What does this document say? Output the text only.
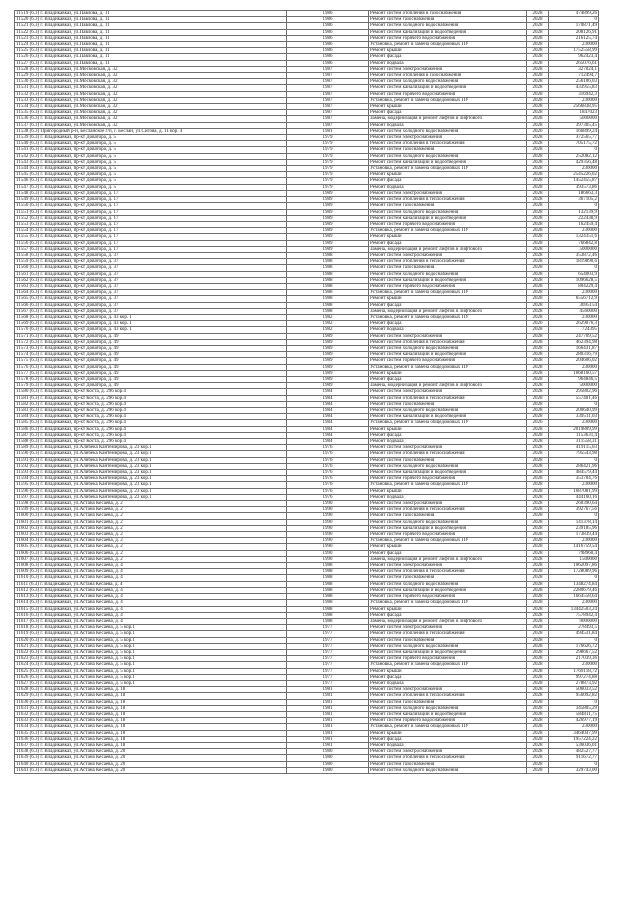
11519 (6.3) г. Владикавказ, ул.Павлова, д. 11	1986	Ремонт систем отопления в газоснабжения	2028	474899,26
11520 (6.3) г. Владикавказ, ул.Павлова, д. 11	1986	Ремонт систем газоснабжения	2028	0
11521 (6.3) г. Владикавказ, ул.Павлова, д. 11	1986	Ремонт систем холодного водоснабжения	2028	170871,49
11522 (6.3) г. Владикавказ, ул.Павлова, д. 11	1986	Ремонт систем канализации и водоотведения	2028	208126,91
11523 (6.3) г. Владикавказ, ул.Павлова, д. 11	1986	Ремонт систем горячего водоснабжения	2028	216125,74
11524 (6.3) г. Владикавказ, ул.Павлова, д. 11	1986	Установка, ремонт и замена общедомовых ПУ	2028	230000
11525 (6.3) г. Владикавказ, ул.Павлова, д. 11	1986	Ремонт крыши	2028	1752558,99
11526 (6.3) г. Владикавказ, ул.Павлова, д. 11	1986	Ремонт фасада	2028	962423,4
11527 (6.3) г. Владикавказ, ул.Павлова, д. 11	1986	Ремонт подвала	2028	265076,61
11528 (6.3) г. Владикавказ, ул.Московская, д. 32	1987	Ремонт систем электроснабжения	2028	327024,1
11529 (6.3) г. Владикавказ, ул.Московская, д. 32	1987	Ремонт систем отопления в газоснабжения	2028	712494,7
11530 (6.3) г. Владикавказ, ул.Московская, д. 32	1987	Ремонт систем холодного водоснабжения	2028	256106,03
11531 (6.3) г. Владикавказ, ул.Московская, д. 32	1987	Ремонт систем канализации и водоотведения	2028	433955,83
11532 (6.3) г. Владикавказ, ул.Московская, д. 32	1987	Ремонт систем горячего водоснабжения	2028	316942,3
11533 (6.3) г. Владикавказ, ул.Московская, д. 32	1987	Установка, ремонт и замена общедомовых ПУ	2028	230000
11534 (6.3) г. Владикавказ, ул.Московская, д. 32	1987	Ремонт крыши	2028	2566838,95
11535 (6.3) г. Владикавказ, ул.Московская, д. 32	1987	Ремонт фасада	2028	1847023
11536 (6.3) г. Владикавказ, ул.Московская, д. 32	1987	Замена, модернизация и ремонт лифтов и лифтового	2028	5000000
11537 (6.3) г. Владикавказ, ул.Московская, д. 32	1987	Ремонт подвала	2028	397305,45
11538 (6.3) Пригородный р-н, Бесланское г/п, г. Беслан, ул.Сигова, д. 11 кор. 4	1981	Ремонт систем холодного водоснабжения	2026	166899,24
11539 (6.3) г. Владикавказ, пр-кт Доватора, д. 5	1979	Ремонт систем электроснабжения	2028	372565,77
11540 (6.3) г. Владикавказ, пр-кт Доватора, д. 5	1979	Ремонт систем отопления в теплоснабжения	2028	705175,72
11541 (6.3) г. Владикавказ, пр-кт Доватора, д. 5	1979	Ремонт систем газоснабжения	2028	0
11542 (6.3) г. Владикавказ, пр-кт Доватора, д. 5	1979	Ремонт систем холодного водоснабжения	2028	252082,12
11543 (6.3) г. Владикавказ, пр-кт Доватора, д. 5	1979	Ремонт систем канализации и водоотведения	2028	429356,48
11544 (6.3) г. Владикавказ, пр-кт Доватора, д. 5	1979	Установка, ремонт и замена общедомовых ПУ	2028	230000
11545 (6.3) г. Владикавказ, пр-кт Доватора, д. 5	1979	Ремонт крыши	2028	2545226,02
11546 (6.3) г. Владикавказ, пр-кт Доватора, д. 5	1979	Ремонт фасада	2028	1452455,87
11547 (6.3) г. Владикавказ, пр-кт Доватора, д. 5	1979	Ремонт подвала	2028	393573,86
11548 (6.3) г. Владикавказ, пр-кт Доватора, д. 17	1989	Ремонт систем электроснабжения	2028	186663,3
11549 (6.3) г. Владикавказ, пр-кт Доватора, д. 17	1989	Ремонт систем отопления в теплоснабжения	2028	367105,2
11550 (6.3) г. Владикавказ, пр-кт Доватора, д. 17	1989	Ремонт систем газоснабжения	2028	0
11551 (6.3) г. Владикавказ, пр-кт Доватора, д. 17	1989	Ремонт систем холодного водоснабжения	2028	132139,9
11552 (6.3) г. Владикавказ, пр-кт Доватора, д. 17	1989	Ремонт систем канализации и водоотведения	2028	222438,9
11553 (6.3) г. Владикавказ, пр-кт Доватора, д. 17	1989	Ремонт систем горячего водоснабжения	2028	162459,4
11554 (6.3) г. Владикавказ, пр-кт Доватора, д. 17	1989	Установка, ремонт и замена общедомовых ПУ	2028	230000
11555 (6.3) г. Владикавказ, пр-кт Доватора, д. 17	1989	Ремонт крыши	2028	1324351,6
11556 (6.3) г. Владикавказ, пр-кт Доватора, д. 17	1989	Ремонт фасада	2028	766842,8
11557 (6.3) г. Владикавказ, пр-кт Доватора, д. 17	1989	Замена, модернизация и ремонт лифтов и лифтового	2028	5000000
11558 (6.3) г. Владикавказ, пр-кт Доватора, д. 37	1988	Ремонт систем электроснабжения	2028	353872,46
11559 (6.3) г. Владикавказ, пр-кт Доватора, д. 37	1988	Ремонт систем отопления в теплоснабжения	2028	1819890,6
11560 (6.3) г. Владикавказ, пр-кт Доватора, д. 37	1988	Ремонт систем газоснабжения	2028	0
11561 (6.3) г. Владикавказ, пр-кт Доватора, д. 37	1988	Ремонт систем холодного водоснабжения	2028	654003,9
11562 (6.3) г. Владикавказ, пр-кт Доватора, д. 37	1988	Ремонт систем канализации и водоотведения	2028	1096628,5
11563 (6.3) г. Владикавказ, пр-кт Доватора, д. 37	1988	Ремонт систем горячего водоснабжения	2028	804229,4
11564 (6.3) г. Владикавказ, пр-кт Доватора, д. 37	1988	Установка, ремонт и замена общедомовых ПУ	2028	230000
11565 (6.3) г. Владикавказ, пр-кт Доватора, д. 37	1988	Ремонт крыши	2028	6556712,9
11566 (6.3) г. Владикавказ, пр-кт Доватора, д. 37	1988	Ремонт фасада	2028	3695154
11567 (6.3) г. Владикавказ, пр-кт Доватора, д. 37	1988	Замена, модернизация и ремонт лифтов и лифтового	2028	4560000
11568 (6.3) г. Владикавказ, пр-кт Доватора, д. 43 кор. 1	1982	Установка, ремонт и замена общедомовых ПУ	2028	230000
11569 (6.3) г. Владикавказ, пр-кт Доватора, д. 43 кор. 1	1982	Ремонт фасада	2026	2629076,3
11570 (6.3) г. Владикавказ, пр-кт Доватора, д. 43 кор. 1	1982	Ремонт подвала	2028	724395
11571 (6.3) г. Владикавказ, пр-кт Доватора, д. 49	1989	Ремонт систем электроснабжения	2028	247709,52
11572 (6.3) г. Владикавказ, пр-кт Доватора, д. 49	1989	Ремонт систем отопления в теплоснабжения	2028	462394,98
11573 (6.3) г. Владикавказ, пр-кт Доватора, д. 49	1989	Ремонт систем холодного водоснабжения	2028	166431,87
11574 (6.3) г. Владикавказ, пр-кт Доватора, д. 49	1989	Ремонт систем канализации и водоотведения	2028	280316,79
11575 (6.3) г. Владикавказ, пр-кт Доватора, д. 49	1989	Ремонт систем горячего водоснабжения	2028	204606,02
11576 (6.3) г. Владикавказ, пр-кт Доватора, д. 49	1989	Установка, ремонт и замена общедомовых ПУ	2028	230000
11577 (6.3) г. Владикавказ, пр-кт Доватора, д. 49	1989	Ремонт крыши	2028	1668160,57
11578 (6.3) г. Владикавказ, пр-кт Доватора, д. 49	1989	Ремонт фасада	2028	964846,5
11579 (6.3) г. Владикавказ, пр-кт Доватора, д. 49	1989	Замена, модернизация и ремонт лифтов и лифтового	2028	5000000
11580 (6.3) г. Владикавказ, пр-кт Коста, д. 296 кор.4	1984	Ремонт систем электроснабжения	2028	295802,96
11581 (6.3) г. Владикавказ, пр-кт Коста, д. 296 кор.4	1984	Ремонт систем отопления в теплоснабжения	2028	557401,46
11582 (6.3) г. Владикавказ, пр-кт Коста, д. 296 кор.4	1984	Ремонт систем газоснабжения	2028	0
11583 (6.3) г. Владикавказ, пр-кт Коста, д. 296 кор.4	1984	Ремонт систем холодного водоснабжения	2028	200640,99
11584 (6.3) г. Владикавказ, пр-кт Коста, д. 296 кор.4	1984	Ремонт систем канализации и водоотведения	2028	339511,03
11585 (6.3) г. Владикавказ, пр-кт Коста, д. 296 кор.4	1984	Установка, ремонт и замена общедомовых ПУ	2026	230000
11586 (6.3) г. Владикавказ, пр-кт Коста, д. 296 кор.4	1984	Ремонт крыши	2028	2019809,99
11587 (6.3) г. Владикавказ, пр-кт Коста, д. 296 кор.4	1984	Ремонт фасада	2028	1153631,4
11588 (6.3) г. Владикавказ, пр-кт Коста, д. 296 кор.4	1984	Ремонт подвала	2028	311558,31
11589 (6.3) г. Владикавказ, ул.Алибека Кантемирова, д. 23 кор.1	1976	Ремонт систем электроснабжения	2028	419115,03
11590 (6.3) г. Владикавказ, ул.Алибека Кантемирова, д. 23 кор.1	1976	Ремонт систем отопления в теплоснабжения	2028	795543,98
11591 (6.3) г. Владикавказ, ул.Алибека Кантемирова, д. 23 кор.1	1976	Ремонт систем газоснабжения	2028	0
11592 (6.3) г. Владикавказ, ул.Алибека Кантемирова, д. 23 кор.1	1976	Ремонт систем холодного водоснабжения	2028	286421,96
11593 (6.3) г. Владикавказ, ул.Алибека Кантемирова, д. 23 кор.1	1976	Ремонт систем канализации и водоотведения	2028	484579,44
11594 (6.3) г. Владикавказ, ул.Алибека Кантемирова, д. 23 кор.1	1976	Ремонт систем горячего водоснабжения	2028	353704,76
11595 (6.3) г. Владикавказ, ул.Алибека Кантемирова, д. 23 кор.1	1976	Установка, ремонт и замена общедомовых ПУ	2028	230000
11596 (6.3) г. Владикавказ, ул.Алибека Кантемирова, д. 23 кор.1	1976	Ремонт крыши	2028	1687081,99
11597 (6.3) г. Владикавказ, ул.Алибека Кантемирова, д. 23 кор.1	1976	Ремонт подвала	2028	444160,16
11598 (6.3) г. Владикавказ, ул.Астана Кесаева, д. 2	1990	Ремонт систем электроснабжения	2028	260390,64
11599 (6.3) г. Владикавказ, ул.Астана Кесаева, д. 2	1990	Ремонт систем отопления в теплоснабжения	2028	392767,56
11600 (6.3) г. Владикавказ, ул.Астана Кесаева, д. 2	1990	Ремонт систем газоснабжения	2028	0
11601 (6.3) г. Владикавказ, ул.Астана Кесаева, д. 2	1990	Ремонт систем холодного водоснабжения	2028	141378,14
11602 (6.3) г. Владикавказ, ул.Астана Кесаева, д. 2	1990	Ремонт систем канализации и водоотведения	2028	239185,96
11603 (6.3) г. Владикавказ, ул.Астана Кесаева, д. 2	1990	Ремонт систем горячего водоснабжения	2028	173839,44
11604 (6.3) г. Владикавказ, ул.Астана Кесаева, д. 2	1990	Установка, ремонт и замена общедомовых ПУ	2028	230000
11605 (6.3) г. Владикавказ, ул.Астана Кесаева, д. 2	1990	Ремонт крыши	2028	1416759,54
11606 (6.3) г. Владикавказ, ул.Астана Кесаева, д. 2	1990	Ремонт фасада	2028	798960,4
11607 (6.3) г. Владикавказ, ул.Астана Кесаева, д. 2	1990	Замена, модернизация и ремонт лифтов и лифтового	2028	1500000
11608 (6.3) г. Владикавказ, ул.Астана Кесаева, д. 4	1988	Ремонт систем электроснабжения	2028	1062097,86
11609 (6.3) г. Владикавказ, ул.Астана Кесаева, д. 4	1988	Ремонт систем отопления в теплоснабжения	2028	1728089,96
11610 (6.3) г. Владикавказ, ул.Астана Кесаева, д. 4	1988	Ремонт систем газоснабжения	2028	0
11611 (6.3) г. Владикавказ, ул.Астана Кесаева, д. 4	1988	Ремонт систем холодного водоснабжения	2028	1348274,84
11612 (6.3) г. Владикавказ, ул.Астана Кесаева, д. 4	1988	Ремонт систем канализации и водоотведения	2028	2280679,46
11613 (6.3) г. Владикавказ, ул.Астана Кесаева, д. 4	1988	Ремонт систем горячего водоснабжения	2028	1664558,64
11614 (6.3) г. Владикавказ, ул.Астана Кесаева, д. 4	1988	Установка, ремонт и замена общедомовых ПУ	2028	230000
11615 (6.3) г. Владикавказ, ул.Астана Кесаева, д. 4	1988	Ремонт крыши	2028	13442503,24
11616 (6.3) г. Владикавказ, ул.Астана Кесаева, д. 4	1988	Ремонт фасада	2028	7578942,4
11617 (6.3) г. Владикавказ, ул.Астана Кесаева, д. 4	1988	Замена, модернизация и ремонт лифтов и лифтового	2028	9000000
11618 (6.3) г. Владикавказ, ул.Астана Кесаева, д. 5 кор.1	1977	Ремонт систем электроснабжения	2028	278493,5
11619 (6.3) г. Владикавказ, ул.Астана Кесаева, д. 5 кор.1	1977	Ремонт систем отопления в теплоснабжения	2028	494531,84
11620 (6.3) г. Владикавказ, ул.Астана Кесаева, д. 5 кор.1	1977	Ремонт систем газоснабжения	2028	0
11621 (6.3) г. Владикавказ, ул.Астана Кесаева, д. 5 кор.1	1977	Ремонт систем холодного водоснабжения	2028	176626,72
11622 (6.3) г. Владикавказ, ул.Астана Кесаева, д. 5 кор.1	1977	Ремонт систем канализации и водоотведения	2028	298667,52
11623 (6.3) г. Владикавказ, ул.Астана Кесаева, д. 5 кор.1	1977	Ремонт систем горячего водоснабжения	2028	217039,36
11624 (6.3) г. Владикавказ, ул.Астана Кесаева, д. 5 кор.1	1977	Установка, ремонт и замена общедомовых ПУ	2028	230000
11625 (6.3) г. Владикавказ, ул.Астана Кесаева, д. 5 кор.1	1977	Ремонт крыши	2028	1769118,72
11626 (6.3) г. Владикавказ, ул.Астана Кесаева, д. 5 кор.1	1977	Ремонт фасада	2028	997274,88
11627 (6.3) г. Владикавказ, ул.Астана Кесаева, д. 5 кор.1	1977	Ремонт подвала	2028	278873,92
11628 (6.3) г. Владикавказ, ул.Астана Кесаева, д. 18	1981	Ремонт систем электроснабжения	2028	506033,52
11629 (6.3) г. Владикавказ, ул.Астана Кесаева, д. 18	1981	Ремонт систем отопления в теплоснабжения	2028	956092,82
11630 (6.3) г. Владикавказ, ул.Астана Кесаева, д. 18	1981	Ремонт систем газоснабжения	2028	0
11631 (6.3) г. Владикавказ, ул.Астана Кесаева, д. 18	1981	Ремонт систем холодного водоснабжения	2028	345805,29
11632 (6.3) г. Владикавказ, ул.Астана Кесаева, д. 18	1981	Ремонт систем канализации и водоотведения	2028	584811,75
11633 (6.3) г. Владикавказ, ул.Астана Кесаева, д. 18	1981	Ремонт систем горячего водоснабжения	2028	426977,19
11634 (6.3) г. Владикавказ, ул.Астана Кесаева, д. 18	1981	Установка, ремонт и замена общедомовых ПУ	2028	230000
11635 (6.3) г. Владикавказ, ул.Астана Кесаева, д. 18	1981	Ремонт крыши	2028	3464047,99
11636 (6.3) г. Владикавказ, ул.Астана Кесаева, д. 18	1981	Ремонт фасада	2028	1957224,22
11637 (6.3) г. Владикавказ, ул.Астана Кесаева, д. 18	1981	Ремонт подвала	2028	536036,01
11638 (6.3) г. Владикавказ, ул.Астана Кесаева, д. 20	1980	Ремонт систем электроснабжения	2028	482527,77
11639 (6.3) г. Владикавказ, ул.Астана Кесаева, д. 20	1980	Ремонт систем отопления в теплоснабжения	2028	911672,77
11640 (6.3) г. Владикавказ, ул.Астана Кесаева, д. 20	1980	Ремонт систем газоснабжения	2028	0
11641 (6.3) г. Владикавказ, ул.Астана Кесаева, д. 20	1980	Ремонт систем холодного водоснабжения	2028	329743,00
